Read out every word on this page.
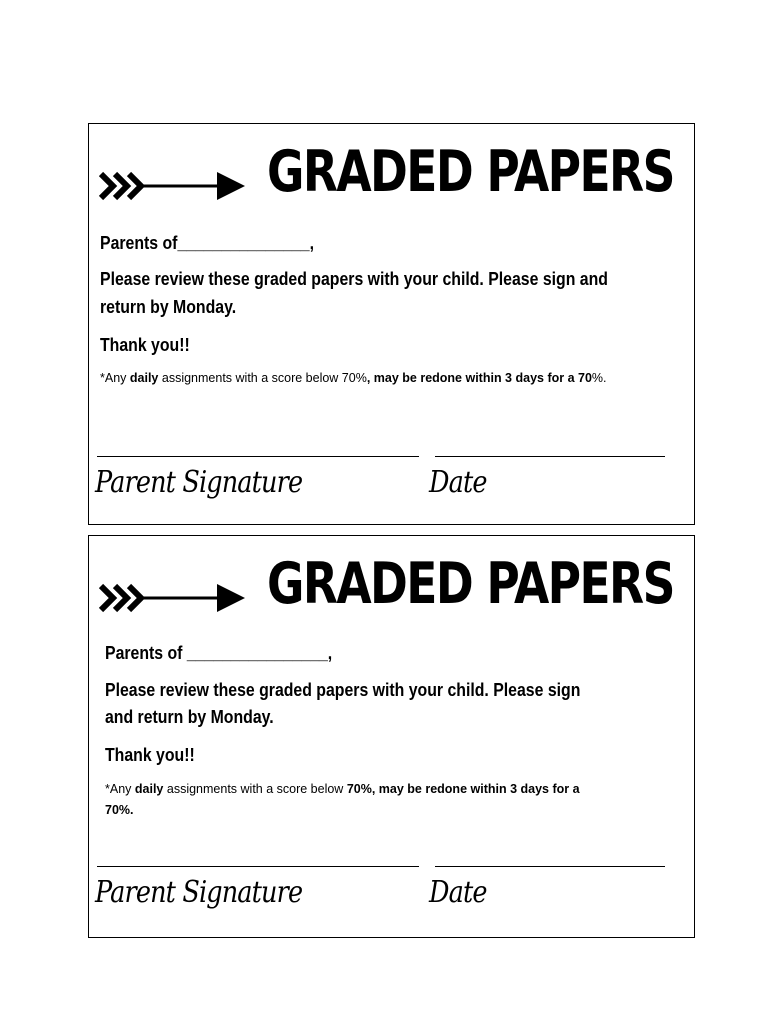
GRADED PAPERS
Parents of_______________,
Please review these graded papers with your child. Please sign and
return by Monday.
Thank you!!
*Any daily assignments with a score below 70%, may be redone within 3 days for a 70%.
Parent Signature	Date
GRADED PAPERS
Parents of ________________,
Please review these graded papers with your child. Please sign
and return by Monday.
Thank you!!
*Any daily assignments with a score below 70%, may be redone within 3 days for a
70%.
Parent Signature	Date
